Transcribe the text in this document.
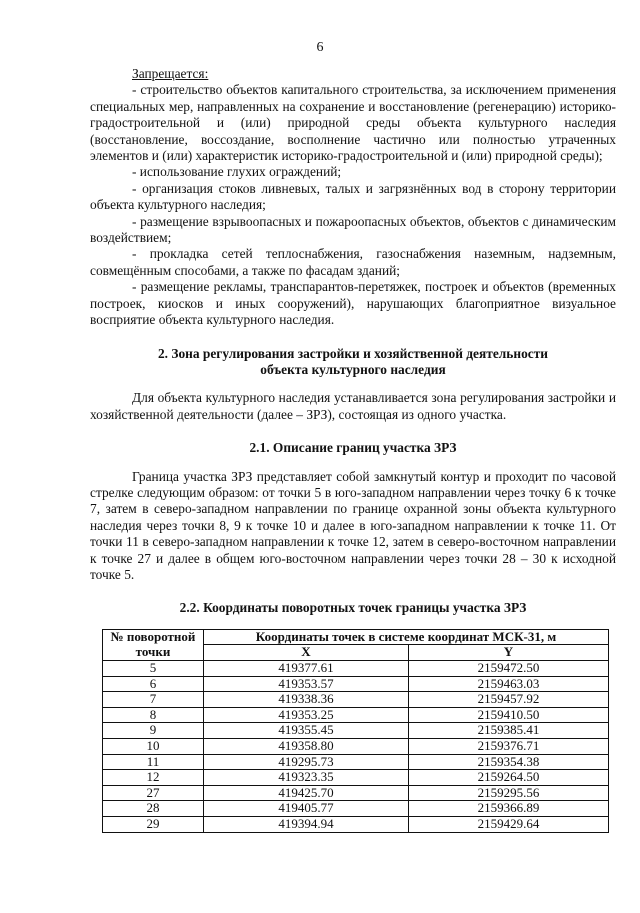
6

Запрещается:

- строительство объектов капитального строительства, за исключением применения специальных мер, направленных на сохранение и восстановление (регенерацию) историко-градостроительной и (или) природной среды объекта культурного наследия (восстановление, воссоздание, восполнение частично или полностью утраченных элементов и (или) характеристик историко-градостроительной и (или) природной среды);

- использование глухих ограждений;

- организация стоков ливневых, талых и загрязнённых вод в сторону территории объекта культурного наследия;

- размещение взрывоопасных и пожароопасных объектов, объектов с динамическим воздействием;

- прокладка сетей теплоснабжения, газоснабжения наземным, надземным, совмещённым способами, а также по фасадам зданий;

- размещение рекламы, транспарантов-перетяжек, построек и объектов (временных построек, киосков и иных сооружений), нарушающих благоприятное визуальное восприятие объекта культурного наследия.

2. Зона регулирования застройки и хозяйственной деятельности
объекта культурного наследия

Для объекта культурного наследия устанавливается зона регулирования застройки и хозяйственной деятельности (далее – ЗРЗ), состоящая из одного участка.

2.1. Описание границ участка ЗРЗ

Граница участка ЗРЗ представляет собой замкнутый контур и проходит по часовой стрелке следующим образом: от точки 5 в юго-западном направлении через точку 6 к точке 7, затем в северо-западном направлении по границе охранной зоны объекта культурного наследия через точки 8, 9 к точке 10 и далее в юго-западном направлении к точке 11. От точки 11 в северо-западном направлении к точке 12, затем в северо-восточном направлении к точке 27 и далее в общем юго-восточном направлении через точки 28 – 30 к исходной точке 5.

2.2. Координаты поворотных точек границы участка ЗРЗ

№ поворотной точки	Координаты точек в системе координат МСК-31, м	
	X	Y
5	419377.61	2159472.50
6	419353.57	2159463.03
7	419338.36	2159457.92
8	419353.25	2159410.50
9	419355.45	2159385.41
10	419358.80	2159376.71
11	419295.73	2159354.38
12	419323.35	2159264.50
27	419425.70	2159295.56
28	419405.77	2159366.89
29	419394.94	2159429.64
